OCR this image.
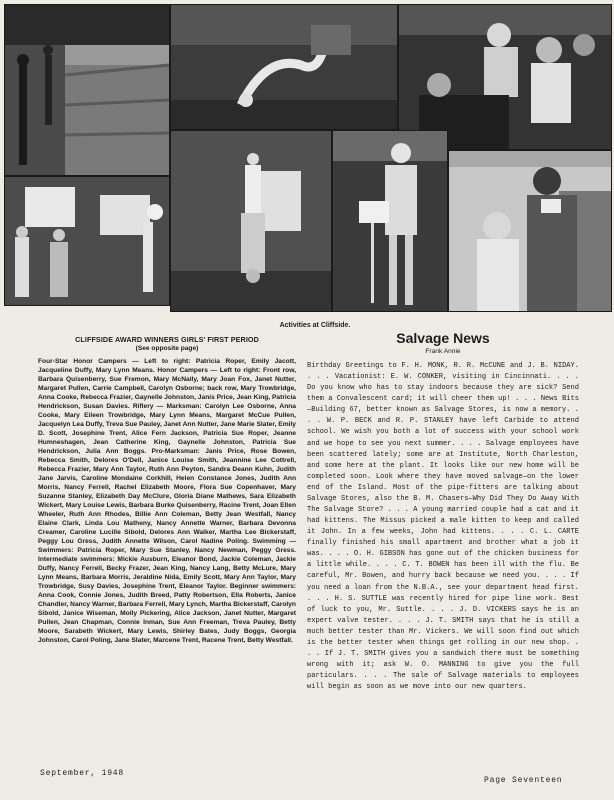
Activities at Cliffside.
CLIFFSIDE AWARD WINNERS GIRLS' FIRST PERIOD
(See opposite page)

Four-Star Honor Campers — Left to right: Patricia Roper, Emily Jacott, Jacqueline Duffy, Mary Lynn Means. Honor Campers — Left to right: Front row, Barbara Quisenberry, Sue Fremon, Mary McNally, Mary Joan Fox, Janet Nutter, Margaret Pullen, Carrie Campbell, Carolyn Osborne; back row, Mary Trowbridge, Anna Cooke, Rebecca Frazier, Gaynelle Johnston, Janis Price, Jean King, Patricia Hendrickson, Susan Davies. Riflery — Marksman: Carolyn Lee Osborne, Anna Cooke, Mary Eileen Trowbridge, Mary Lynn Means, Margaret McCue Pullen, Jacquelyn Lea Duffy, Treva Sue Pauley, Janet Ann Nutter, Jane Marie Slater, Emily D. Scott, Josephine Trent, Alice Fern Jackson, Patricia Sue Roper, Jeanne Humneshagen, Jean Catherine King, Gaynelle Johnston, Patricia Sue Hendrickson, Julia Ann Boggs. Pro-Marksman: Janis Price, Rose Bowen, Rebecca Smith, Delores O'Dell, Janice Louise Smith, Jeannine Lee Cottrell, Rebecca Frazier, Mary Ann Taylor, Ruth Ann Peyton, Sandra Deann Kuhn, Judith Jane Jarvis, Caroline Mondaine Corkhill, Helen Constance Jones, Judith Ann Morris, Nancy Ferrell, Rachel Elizabeth Moore, Flora Sue Copenhaver, Mary Suzanne Stanley, Elizabeth Day McClure, Gloria Diane Mathews, Sara Elizabeth Wickert, Mary Louise Lewis, Barbara Burke Quisenberry, Racine Trent, Joan Ellen Wheeler, Ruth Ann Rhodes, Billie Ann Coleman, Betty Jean Westfall, Nancy Elaine Clark, Linda Lou Matheny, Nancy Annette Warner, Barbara Devonna Creamer, Caroline Lucille Sibold, Delores Ann Walker, Martha Lee Bickerstaff, Peggy Lou Gress, Judith Annette Wilson, Carol Nadine Poling. Swimming — Swimmers: Patricia Roper, Mary Sue Stanley, Nancy Newman, Peggy Gress. Intermediate swimmers: Mickie Ausburn, Eleanor Bond, Jackie Coleman, Jackie Duffy, Nancy Ferrell, Becky Frazer, Jean King, Nancy Lang, Betty McLure, Mary Lynn Means, Barbara Morris, Jeraldine Nida, Emily Scott, Mary Ann Taylor, Mary Trowbridge, Susy Davies, Josephine Trent, Eleanor Taylor. Beginner swimmers: Anna Cook, Connie Jones, Judith Breed, Patty Robertson, Ella Roberts, Janice Chandler, Nancy Warner, Barbara Ferrell, Mary Lynch, Martha Bickerstaff, Carolyn Sibold, Janice Wiseman, Molly Pickering, Alice Jackson, Janet Nutter, Margaret Pullen, Jean Chapman, Connie Inman, Sue Ann Freeman, Treva Pauley, Betty Moore, Sarabeth Wickert, Mary Lewis, Shirley Bates, Judy Boggs, Georgia Johnston, Carol Poling, Jane Slater, Marcene Trent, Racene Trent, Betty Westfall.

Salvage News
Frank Annie

Birthday Greetings to F. H. MONK, R. R. McCUNE and J. B. NIDAY. . . . Vacationist: E. W. CONKER, visiting in Cincinnati. . . . Do you know who has to stay indoors because they are sick? Send them a Convalescent card; it will cheer them up! . . . News Bits—Building 67, better known as Salvage Stores, is now a memory. . . . W. P. BECK and R. P. STANLEY have left Carbide to attend school. We wish you both a lot of success with your school work and we hope to see you next summer. . . . Salvage employees have been scattered lately; some are at Institute, North Charleston, and some here at the plant. It looks like our new home will be completed soon. Look where they have moved salvage—on the lower end of the Island. Most of the pipe-fitters are talking about Salvage Stores, also the B. M. Chasers—Why Did They Do Away With The Salvage Store? . . . A young married couple had a cat and it had kittens. The Missus picked a male kitten to keep and called it John. In a few weeks, John had kittens. . . . C. L. CARTE finally finished his small apartment and brother what a job it was. . . . O. H. GIBSON has gone out of the chicken business for a little while. . . . C. T. BOWEN has been ill with the flu. Be careful, Mr. Bowen, and hurry back because we need you. . . . If you need a loan from the N.B.A., see your department head first. . . . H. S. SUTTLE was recently hired for pipe line work. Best of luck to you, Mr. Suttle. . . . J. D. VICKERS says he is an expert valve tester. . . . J. T. SMITH says that he is still a much better tester than Mr. Vickers. We will soon find out which is the better tester when things get rolling in our new shop. . . . If J. T. SMITH gives you a sandwich there must be something wrong with it; ask W. O. MANNING to give you the full particulars. . . . The sale of Salvage materials to employees will begin as soon as we move into our new quarters.

September, 1948
Page Seventeen
